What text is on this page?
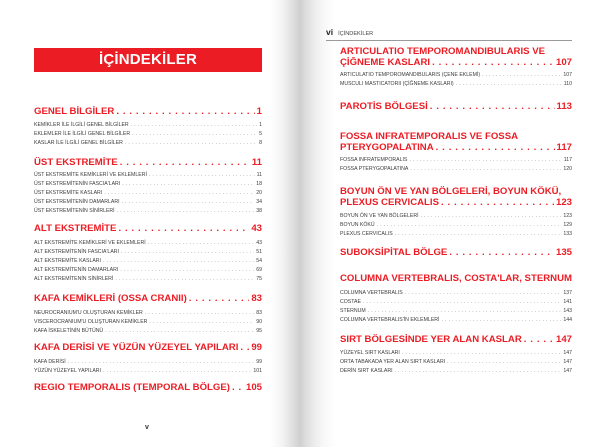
İÇİNDEKİLER
GENEL BİLGİLER . . .	1
KEMİKLER İLE İLGİLİ GENEL BİLGİLER . . .	1
EKLEMLER İLE İLGİLİ GENEL BİLGİLER . . .	5
KASLAR İLE İLGİLİ GENEL BİLGİLER . . .	8
ÜST EKSTREMİTE . . .	11
ÜST EKSTREMİTE KEMİKLERİ VE EKLEMLERİ . . .	11
ÜST EKSTREMİTENİN FASCIA'LARI . . .	18
ÜST EKSTREMİTE KASLARI . . .	20
ÜST EKSTREMİTENİN DAMARLARI . . .	34
ÜST EKSTREMİTENİN SİNİRLERİ . . .	38
ALT EKSTREMİTE . . .	43
ALT EKSTREMİTE KEMİKLERİ VE EKLEMLERİ . . .	43
ALT EKSTREMİTENİN FASCIA'LARI . . .	51
ALT EKSTREMİTE KASLARI . . .	54
ALT EKSTREMİTENİN DAMARLARI . . .	69
ALT EKSTREMİTENİN SİNİRLERİ . . .	75
KAFA KEMİKLERİ (OSSA CRANII) . . .	83
NEUROCRANIUM'U OLUŞTURAN KEMİKLER . . .	83
VISCEROCRANIUM'U OLUŞTURAN KEMİKLER . . .	90
KAFA İSKELETİNİN BÜTÜNÜ . . .	95
KAFA DERİSİ VE YÜZÜN YÜZEYEL YAPILARI . . . 99
KAFA DERİSİ . . .	99
YÜZÜN YÜZEYEL YAPILARI . . .	101
REGIO TEMPORALIS (TEMPORAL BÖLGE) . . . 105
v
vi İÇİNDEKİLER
ARTICULATIO TEMPOROMANDIBULARIS VE
ÇİĞNEME KASLARI . . .	107
ARTICULATIO TEMPOROMANDIBULARIS (ÇENE EKLEMİ) . . .	107
MUSCULI MASTICATORII (ÇİĞNEME KASLARI) . . .	110
PAROTİS BÖLGESİ . . .	113
FOSSA INFRATEMPORALIS VE FOSSA
PTERYGOPALATINA . . .	117
FOSSA INFRATEMPORALIS . . .	117
FOSSA PTERYGOPALATINA . . .	120
BOYUN ÖN VE YAN BÖLGELERİ, BOYUN KÖKÜ,
PLEXUS CERVICALIS . . .	123
BOYUN ÖN VE YAN BÖLGELERİ . . .	123
BOYUN KÖKÜ . . .	129
PLEXUS CERVICALIS . . .	133
SUBOKSİPİTAL BÖLGE . . .	135
COLUMNA VERTEBRALIS, COSTA'LAR, STERNUM
COLUMNA VERTEBRALIS . . .	137
COSTAE . . .	141
STERNUM . . .	143
COLUMNA VERTEBRALIS'İN EKLEMLERİ . . .	144
SIRT BÖLGESİNDE YER ALAN KASLAR . . .	147
YÜZEYEL SIRT KASLARI . . .	147
ORTA TABAKADA YER ALAN SIRT KASLARI . . .	147
DERİN SIRT KASLARI . . .	147
